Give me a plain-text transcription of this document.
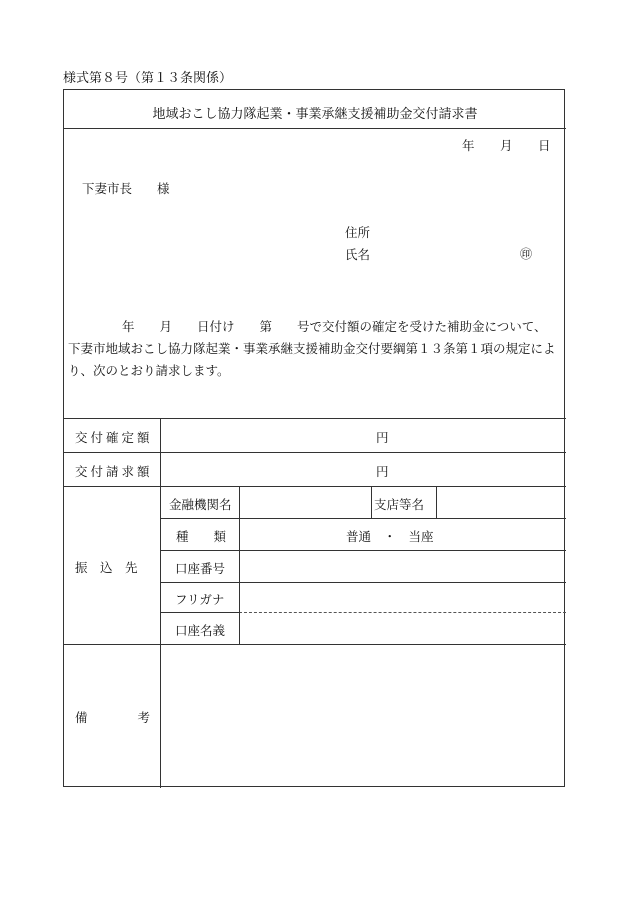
様式第８号（第１３条関係）
地域おこし協力隊起業・事業承継支援補助金交付請求書
年 月 日
下妻市長　　様
住所
氏名	㊞
　　　　年　　月　　日付け　　第　　号で交付額の確定を受けた補助金について、
下妻市地域おこし協力隊起業・事業承継支援補助金交付要綱第１３条第１項の規定によ
り、次のとおり請求します。
交付確定額	円
交付請求額	円
振　込　先
金融機関名	支店等名
種　　類	普通　・　当座
口座番号
フリガナ
口座名義
備　　　　考
